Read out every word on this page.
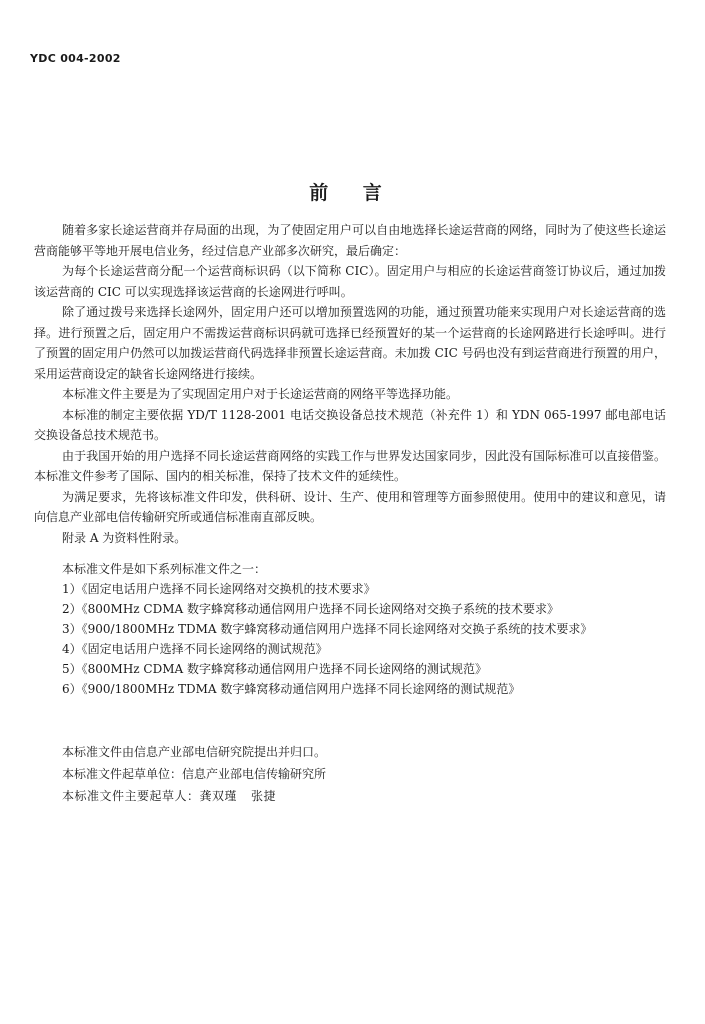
YDC 004-2002
前 言

随着多家长途运营商并存局面的出现，为了使固定用户可以自由地选择长途运营商的网络，同时为了使这些长途运营商能够平等地开展电信业务，经过信息产业部多次研究，最后确定：

为每个长途运营商分配一个运营商标识码（以下简称 CIC）。固定用户与相应的长途运营商签订协议后，通过加拨该运营商的 CIC 可以实现选择该运营商的长途网进行呼叫。

除了通过拨号来选择长途网外，固定用户还可以增加预置选网的功能，通过预置功能来实现用户对长途运营商的选择。进行预置之后，固定用户不需拨运营商标识码就可选择已经预置好的某一个运营商的长途网路进行长途呼叫。进行了预置的固定用户仍然可以加拨运营商代码选择非预置长途运营商。未加拨 CIC 号码也没有到运营商进行预置的用户，采用运营商设定的缺省长途网络进行接续。

本标准文件主要是为了实现固定用户对于长途运营商的网络平等选择功能。

本标准的制定主要依据 YD/T 1128-2001 电话交换设备总技术规范（补充件 1）和 YDN 065-1997 邮电部电话交换设备总技术规范书。

由于我国开始的用户选择不同长途运营商网络的实践工作与世界发达国家同步，因此没有国际标准可以直接借鉴。本标准文件参考了国际、国内的相关标准，保持了技术文件的延续性。

为满足要求，先将该标准文件印发，供科研、设计、生产、使用和管理等方面参照使用。使用中的建议和意见，请向信息产业部电信传输研究所或通信标准南直部反映。

附录 A 为资料性附录。

本标准文件是如下系列标准文件之一：

1）《固定电话用户选择不同长途网络对交换机的技术要求》

2）《800MHz CDMA 数字蜂窝移动通信网用户选择不同长途网络对交换子系统的技术要求》

3）《900/1800MHz TDMA 数字蜂窝移动通信网用户选择不同长途网络对交换子系统的技术要求》

4）《固定电话用户选择不同长途网络的测试规范》

5）《800MHz CDMA 数字蜂窝移动通信网用户选择不同长途网络的测试规范》

6）《900/1800MHz TDMA 数字蜂窝移动通信网用户选择不同长途网络的测试规范》

本标准文件由信息产业部电信研究院提出并归口。

本标准文件起草单位：信息产业部电信传输研究所

本标准文件主要起草人：龚双瑾 张捷
